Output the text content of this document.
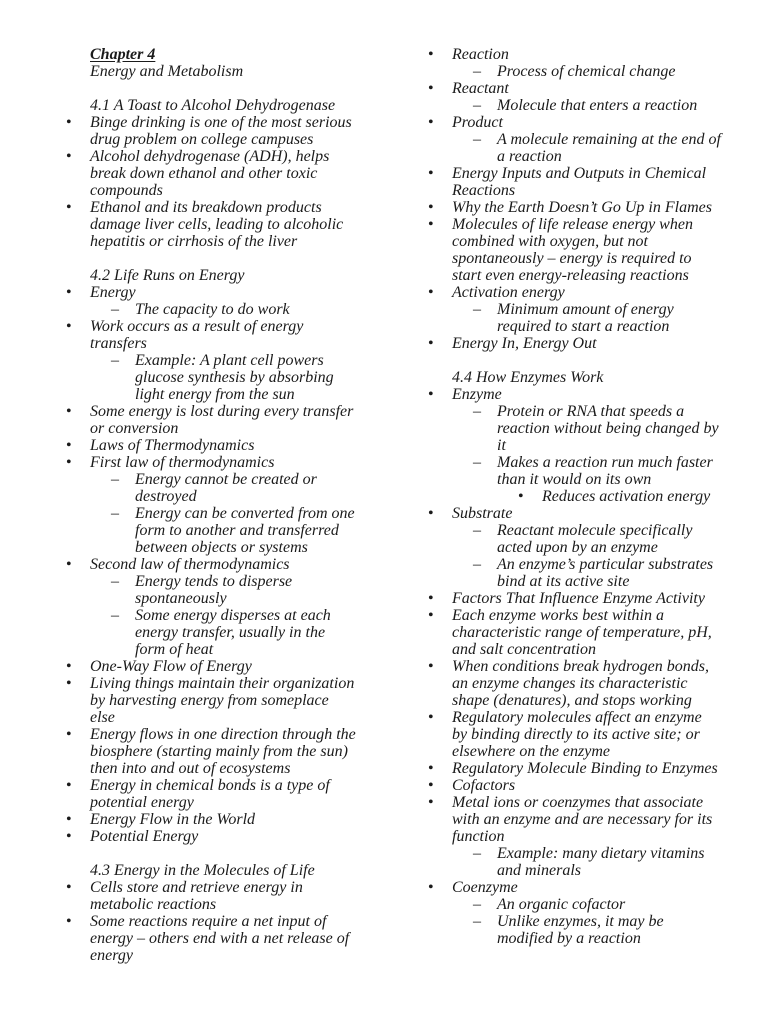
Chapter 4
Energy and Metabolism
4.1 A Toast to Alcohol Dehydrogenase
• Binge drinking is one of the most serious
drug problem on college campuses
• Alcohol dehydrogenase (ADH), helps
break down ethanol and other toxic
compounds
• Ethanol and its breakdown products
damage liver cells, leading to alcoholic
hepatitis or cirrhosis of the liver
4.2 Life Runs on Energy
• Energy
– The capacity to do work
• Work occurs as a result of energy
transfers
– Example: A plant cell powers
glucose synthesis by absorbing
light energy from the sun
• Some energy is lost during every transfer
or conversion
• Laws of Thermodynamics
• First law of thermodynamics
– Energy cannot be created or
destroyed
– Energy can be converted from one
form to another and transferred
between objects or systems
• Second law of thermodynamics
– Energy tends to disperse
spontaneously
– Some energy disperses at each
energy transfer, usually in the
form of heat
• One-Way Flow of Energy
• Living things maintain their organization
by harvesting energy from someplace
else
• Energy flows in one direction through the
biosphere (starting mainly from the sun)
then into and out of ecosystems
• Energy in chemical bonds is a type of
potential energy
• Energy Flow in the World
• Potential Energy
4.3 Energy in the Molecules of Life
• Cells store and retrieve energy in
metabolic reactions
• Some reactions require a net input of
energy – others end with a net release of
energy
• Reaction
– Process of chemical change
• Reactant
– Molecule that enters a reaction
• Product
– A molecule remaining at the end of
a reaction
• Energy Inputs and Outputs in Chemical
Reactions
• Why the Earth Doesn’t Go Up in Flames
• Molecules of life release energy when
combined with oxygen, but not
spontaneously – energy is required to
start even energy-releasing reactions
• Activation energy
– Minimum amount of energy
required to start a reaction
• Energy In, Energy Out
4.4 How Enzymes Work
• Enzyme
– Protein or RNA that speeds a
reaction without being changed by
it
– Makes a reaction run much faster
than it would on its own
• Reduces activation energy
• Substrate
– Reactant molecule specifically
acted upon by an enzyme
– An enzyme’s particular substrates
bind at its active site
• Factors That Influence Enzyme Activity
• Each enzyme works best within a
characteristic range of temperature, pH,
and salt concentration
• When conditions break hydrogen bonds,
an enzyme changes its characteristic
shape (denatures), and stops working
• Regulatory molecules affect an enzyme
by binding directly to its active site; or
elsewhere on the enzyme
• Regulatory Molecule Binding to Enzymes
• Cofactors
• Metal ions or coenzymes that associate
with an enzyme and are necessary for its
function
– Example: many dietary vitamins
and minerals
• Coenzyme
– An organic cofactor
– Unlike enzymes, it may be
modified by a reaction
